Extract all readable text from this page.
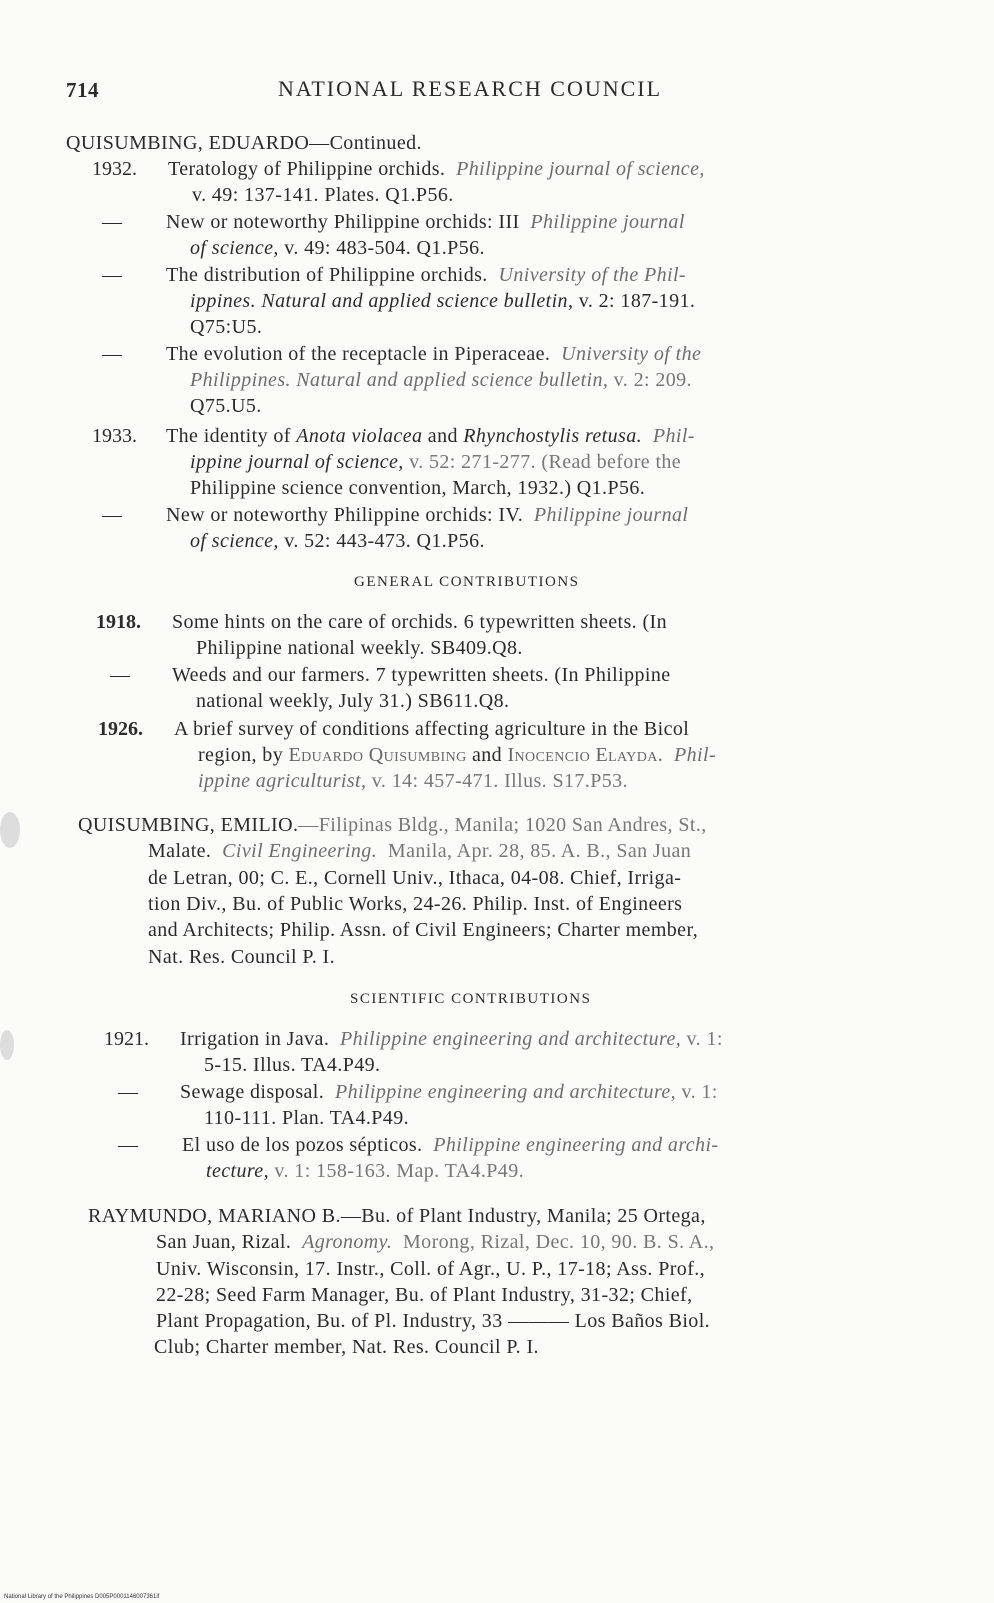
714	NATIONAL RESEARCH COUNCIL
QUISUMBING, EDUARDO—Continued.
1932. Teratology of Philippine orchids. Philippine journal of science,
v. 49: 137-141. Plates. Q1.P56.
— New or noteworthy Philippine orchids: III Philippine journal
of science, v. 49: 483-504. Q1.P56.
— The distribution of Philippine orchids. University of the Phil-
ippines. Natural and applied science bulletin, v. 2: 187-191.
Q75:U5.
— The evolution of the receptacle in Piperaceae. University of the
Philippines. Natural and applied science bulletin, v. 2: 209.
Q75.U5.
1933. The identity of Anota violacea and Rhynchostylis retusa. Phil-
ippine journal of science, v. 52: 271-277. (Read before the
Philippine science convention, March, 1932.) Q1.P56.
— New or noteworthy Philippine orchids: IV. Philippine journal
of science, v. 52: 443-473. Q1.P56.
GENERAL CONTRIBUTIONS
1918. Some hints on the care of orchids. 6 typewritten sheets. (In
Philippine national weekly. SB409.Q8.
— Weeds and our farmers. 7 typewritten sheets. (In Philippine
national weekly, July 31.) SB611.Q8.
1926. A brief survey of conditions affecting agriculture in the Bicol
region, by Eduardo Quisumbing and Inocencio Elayda. Phil-
ippine agriculturist, v. 14: 457-471. Illus. S17.P53.
QUISUMBING, EMILIO.—Filipinas Bldg., Manila; 1020 San Andres, St.,
Malate. Civil Engineering. Manila, Apr. 28, 85. A. B., San Juan
de Letran, 00; C. E., Cornell Univ., Ithaca, 04-08. Chief, Irriga-
tion Div., Bu. of Public Works, 24-26. Philip. Inst. of Engineers
and Architects; Philip. Assn. of Civil Engineers; Charter member,
Nat. Res. Council P. I.
SCIENTIFIC CONTRIBUTIONS
1921. Irrigation in Java. Philippine engineering and architecture, v. 1:
5-15. Illus. TA4.P49.
— Sewage disposal. Philippine engineering and architecture, v. 1:
110-111. Plan. TA4.P49.
— El uso de los pozos sépticos. Philippine engineering and archi-
tecture, v. 1: 158-163. Map. TA4.P49.
RAYMUNDO, MARIANO B.—Bu. of Plant Industry, Manila; 25 Ortega,
San Juan, Rizal. Agronomy. Morong, Rizal, Dec. 10, 90. B. S. A.,
Univ. Wisconsin, 17. Instr., Coll. of Agr., U. P., 17-18; Ass. Prof.,
22-28; Seed Farm Manager, Bu. of Plant Industry, 31-32; Chief,
Plant Propagation, Bu. of Pl. Industry, 33 ——— Los Baños Biol.
Club; Charter member, Nat. Res. Council P. I.
National Library of the Philippines D005P0001146007361if
